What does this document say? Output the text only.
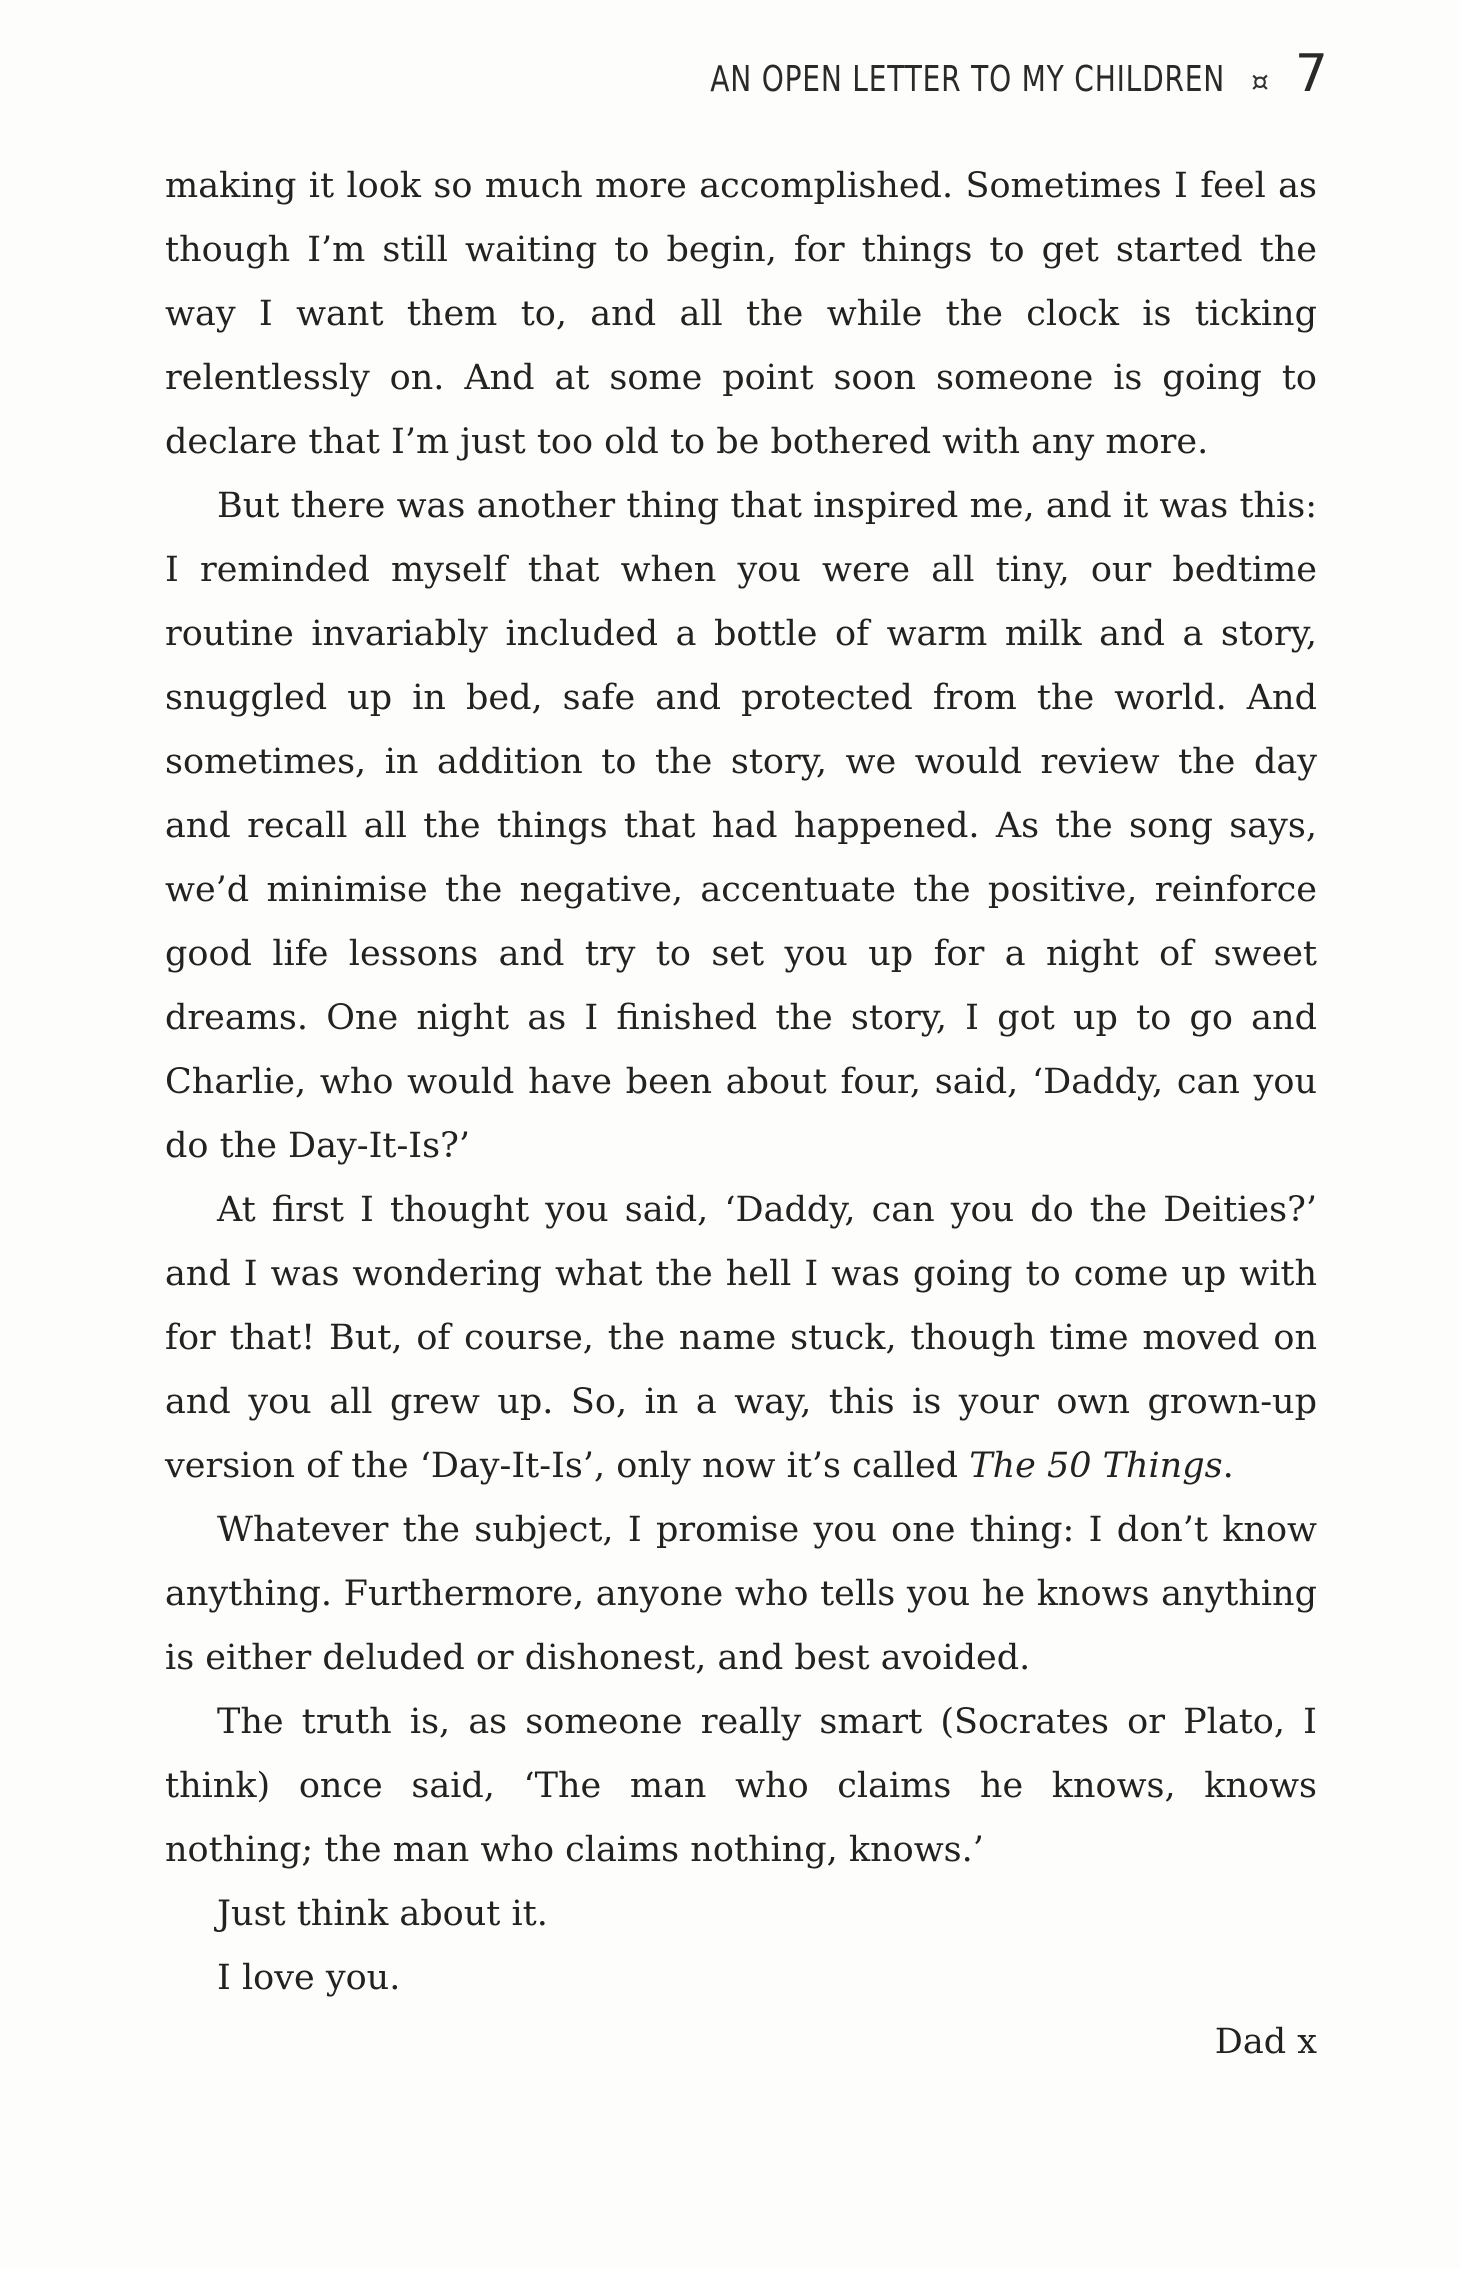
AN OPEN LETTER TO MY CHILDREN ¤ 7

making it look so much more accomplished. Sometimes I feel as though I’m still waiting to begin, for things to get started the way I want them to, and all the while the clock is ticking relentlessly on. And at some point soon someone is going to declare that I’m just too old to be bothered with any more.

But there was another thing that inspired me, and it was this: I reminded myself that when you were all tiny, our bedtime routine invariably included a bottle of warm milk and a story, snuggled up in bed, safe and protected from the world. And sometimes, in addition to the story, we would review the day and recall all the things that had happened. As the song says, we’d minimise the negative, accentuate the positive, reinforce good life lessons and try to set you up for a night of sweet dreams. One night as I finished the story, I got up to go and Charlie, who would have been about four, said, ‘Daddy, can you do the Day-It-Is?’

At first I thought you said, ‘Daddy, can you do the Deities?’ and I was wondering what the hell I was going to come up with for that! But, of course, the name stuck, though time moved on and you all grew up. So, in a way, this is your own grown-up version of the ‘Day-It-Is’, only now it’s called The 50 Things.

Whatever the subject, I promise you one thing: I don’t know anything. Furthermore, anyone who tells you he knows anything is either deluded or dishonest, and best avoided.

The truth is, as someone really smart (Socrates or Plato, I think) once said, ‘The man who claims he knows, knows nothing; the man who claims nothing, knows.’

Just think about it.

I love you.

Dad x
